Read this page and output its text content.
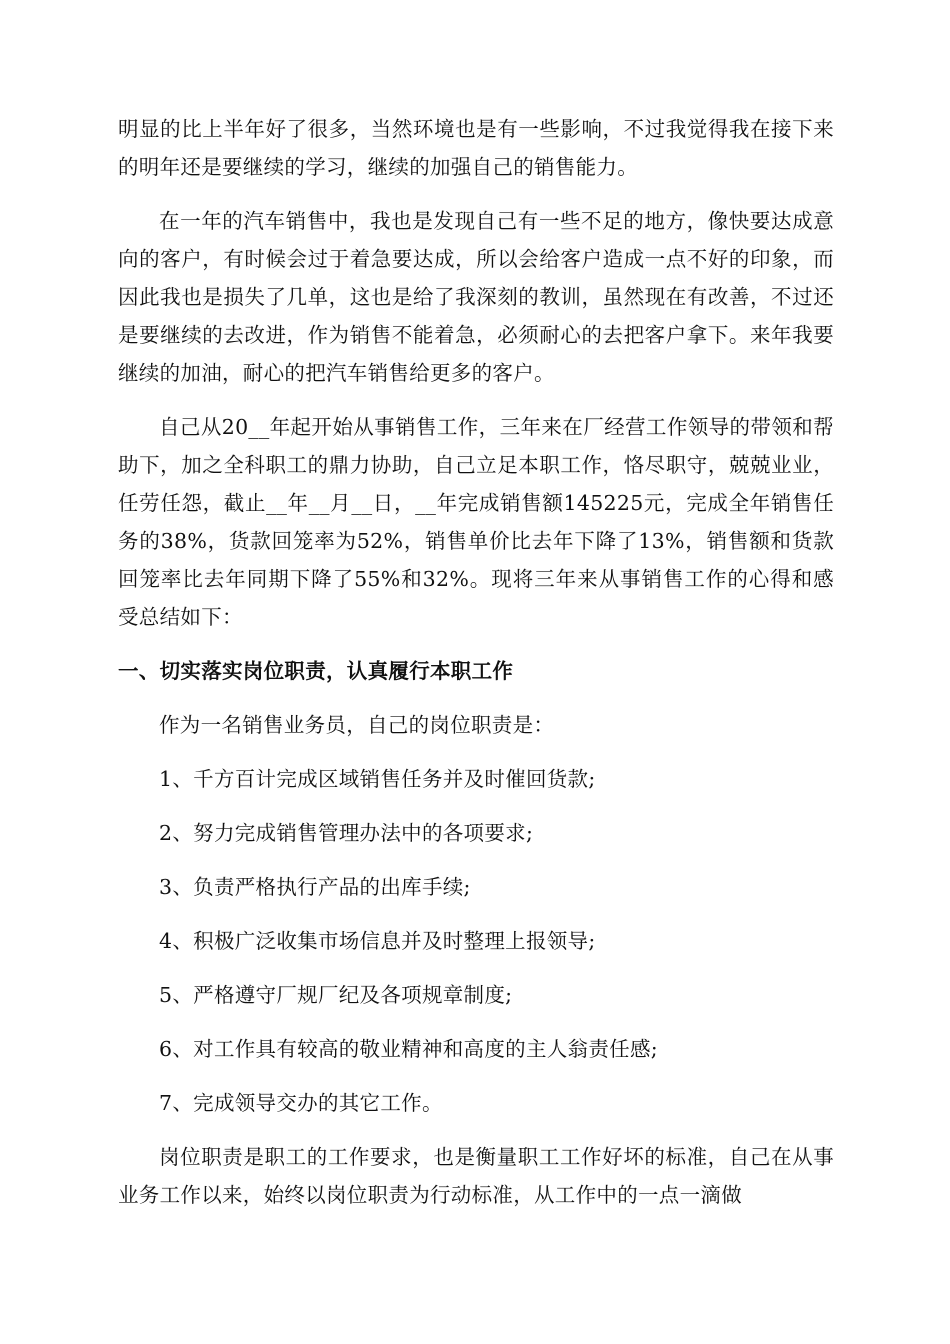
明显的比上半年好了很多，当然环境也是有一些影响，不过我觉得我在接下来的明年还是要继续的学习，继续的加强自己的销售能力。

在一年的汽车销售中，我也是发现自己有一些不足的地方，像快要达成意向的客户，有时候会过于着急要达成，所以会给客户造成一点不好的印象，而因此我也是损失了几单，这也是给了我深刻的教训，虽然现在有改善，不过还是要继续的去改进，作为销售不能着急，必须耐心的去把客户拿下。来年我要继续的加油，耐心的把汽车销售给更多的客户。

自己从20__年起开始从事销售工作，三年来在厂经营工作领导的带领和帮助下，加之全科职工的鼎力协助，自己立足本职工作，恪尽职守，兢兢业业，任劳任怨，截止__年__月__日，__年完成销售额145225元，完成全年销售任务的38%，货款回笼率为52%，销售单价比去年下降了13%，销售额和货款回笼率比去年同期下降了55%和32%。现将三年来从事销售工作的心得和感受总结如下：

一、切实落实岗位职责，认真履行本职工作

作为一名销售业务员，自己的岗位职责是：

1、千方百计完成区域销售任务并及时催回货款;

2、努力完成销售管理办法中的各项要求;

3、负责严格执行产品的出库手续;

4、积极广泛收集市场信息并及时整理上报领导;

5、严格遵守厂规厂纪及各项规章制度;

6、对工作具有较高的敬业精神和高度的主人翁责任感;

7、完成领导交办的其它工作。

岗位职责是职工的工作要求，也是衡量职工工作好坏的标准，自己在从事业务工作以来，始终以岗位职责为行动标准，从工作中的一点一滴做
